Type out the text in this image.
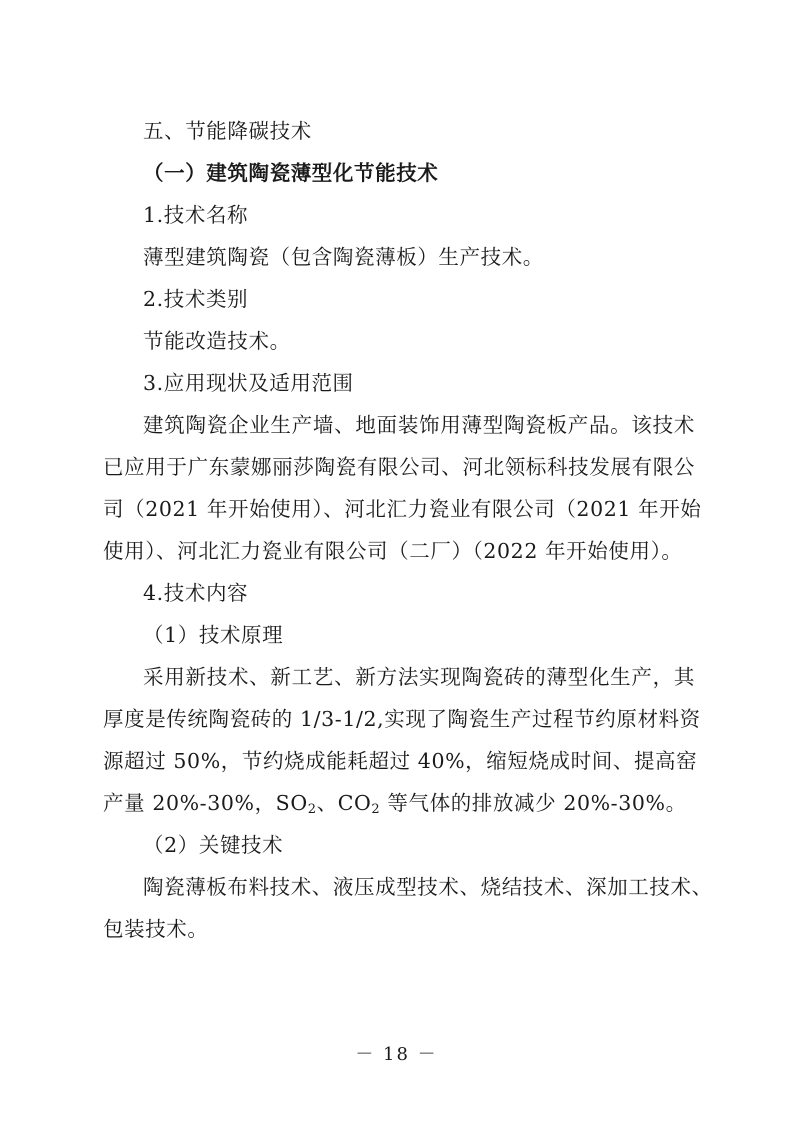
五、节能降碳技术
（一）建筑陶瓷薄型化节能技术
1.技术名称
薄型建筑陶瓷（包含陶瓷薄板）生产技术。
2.技术类别
节能改造技术。
3.应用现状及适用范围
建筑陶瓷企业生产墙、地面装饰用薄型陶瓷板产品。该技术
已应用于广东蒙娜丽莎陶瓷有限公司、河北领标科技发展有限公
司（2021 年开始使用）、河北汇力瓷业有限公司（2021 年开始
使用）、河北汇力瓷业有限公司（二厂）（2022 年开始使用）。
4.技术内容
（1）技术原理
采用新技术、新工艺、新方法实现陶瓷砖的薄型化生产，其
厚度是传统陶瓷砖的 1/3-1/2,实现了陶瓷生产过程节约原材料资
源超过 50%，节约烧成能耗超过 40%，缩短烧成时间、提高窑
产量 20%-30%，$SO_2$、$CO_2$ 等气体的排放减少 20%-30%。
（2）关键技术
陶瓷薄板布料技术、液压成型技术、烧结技术、深加工技术、
包装技术。
－ 18 －
